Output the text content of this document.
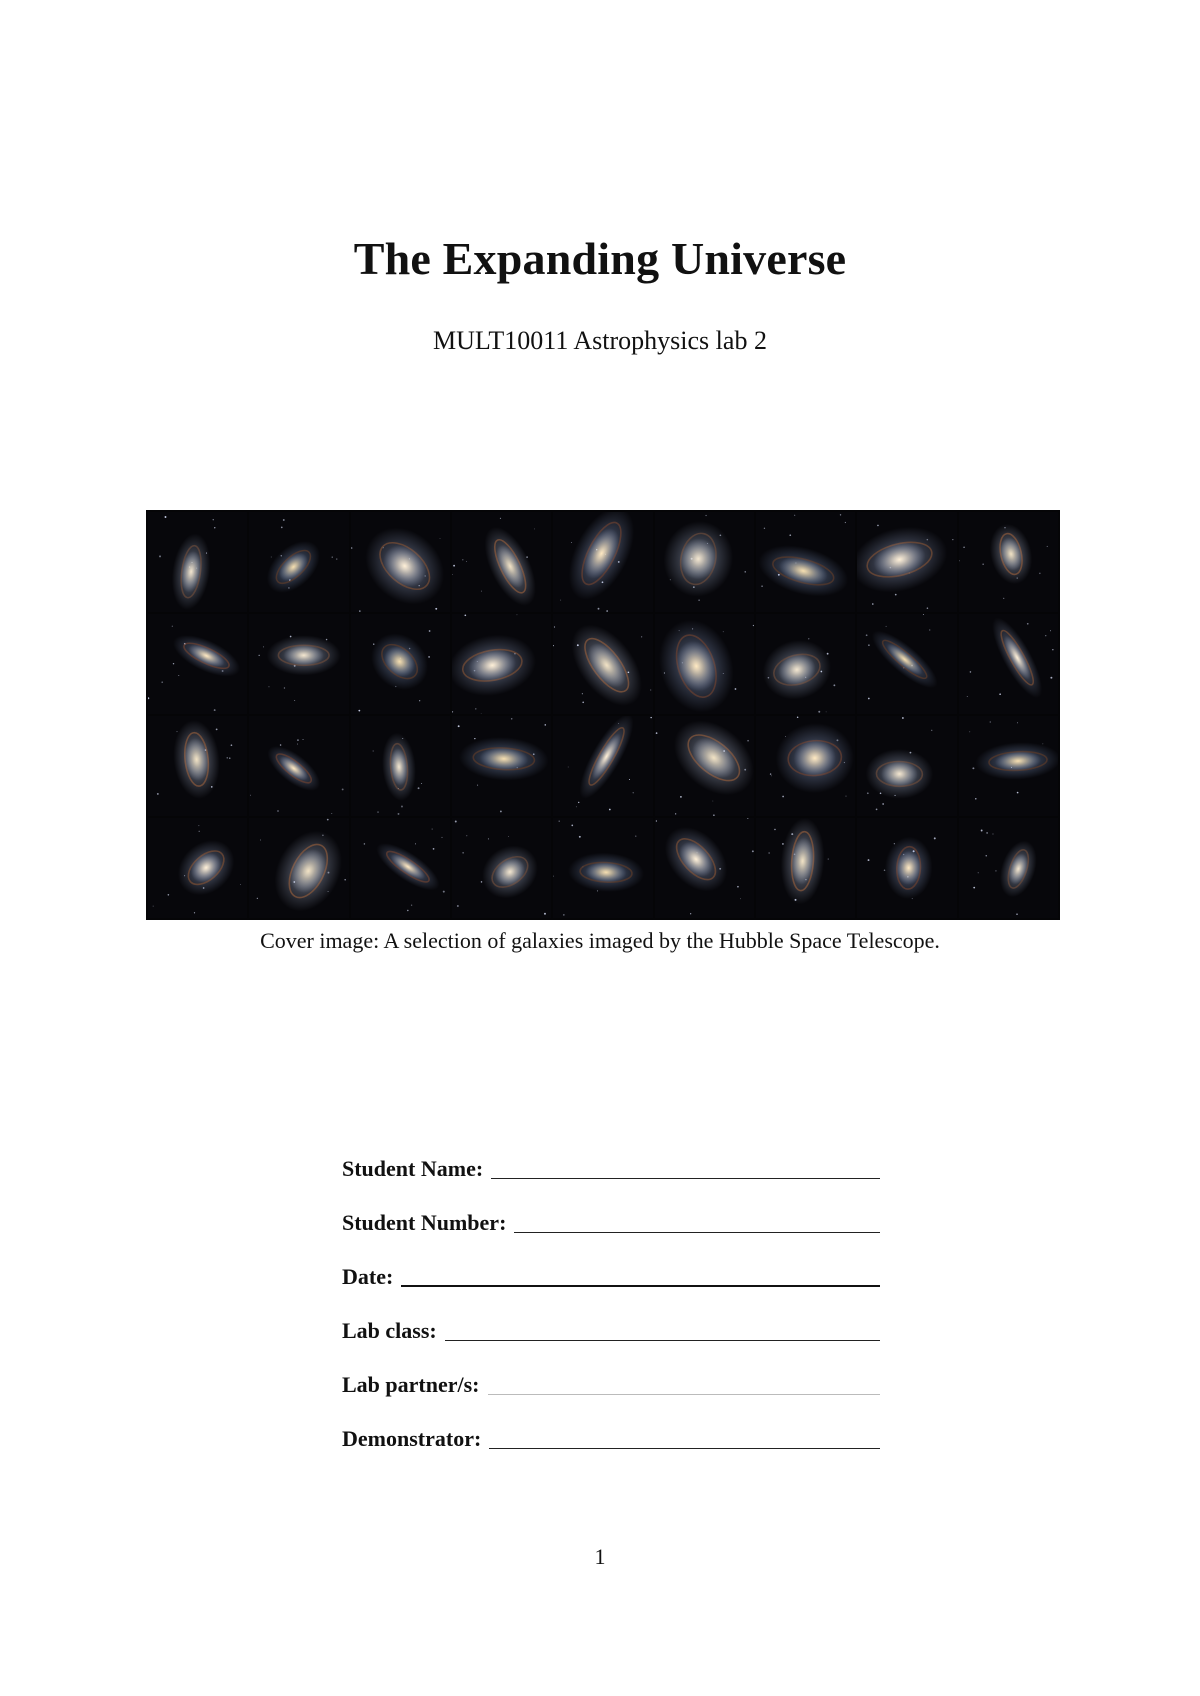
The Expanding Universe

MULT10011 Astrophysics lab 2

Cover image: A selection of galaxies imaged by the Hubble Space Telescope.

Student Name:
Student Number:
Date:
Lab class:
Lab partner/s:
Demonstrator:
1
